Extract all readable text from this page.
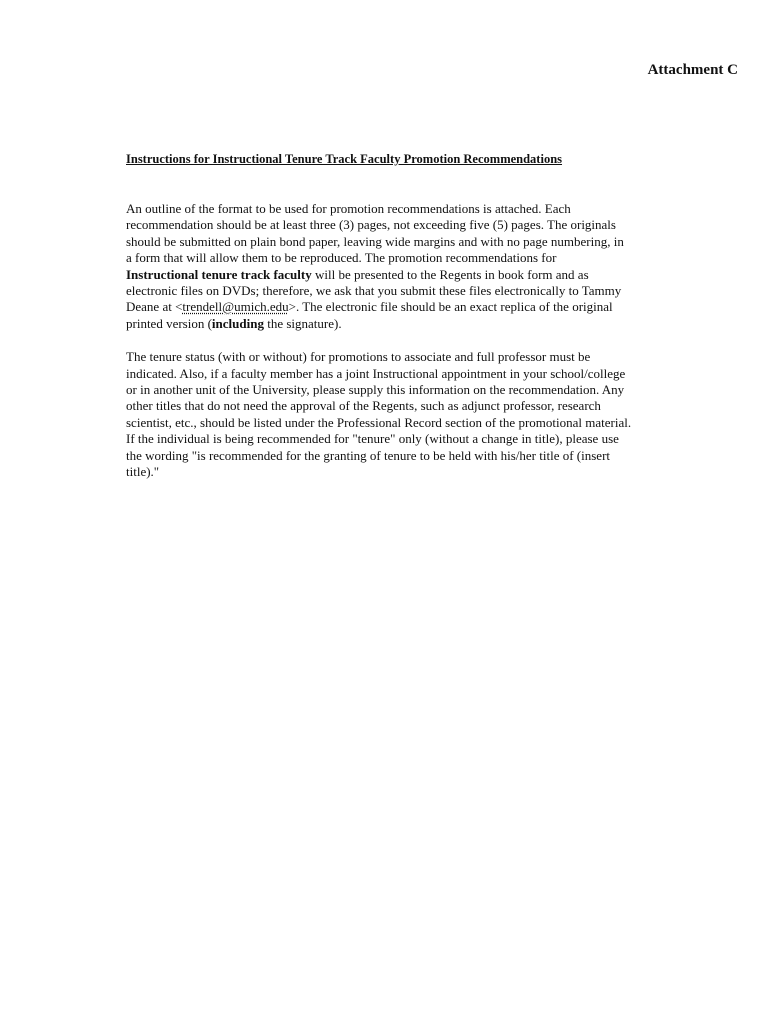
Attachment C
Instructions for Instructional Tenure Track Faculty Promotion Recommendations
An outline of the format to be used for promotion recommendations is attached. Each
recommendation should be at least three (3) pages, not exceeding five (5) pages. The originals
should be submitted on plain bond paper, leaving wide margins and with no page numbering, in
a form that will allow them to be reproduced. The promotion recommendations for
Instructional tenure track faculty will be presented to the Regents in book form and as
electronic files on DVDs; therefore, we ask that you submit these files electronically to Tammy
Deane at <trendell@umich.edu>. The electronic file should be an exact replica of the original
printed version (including the signature).
The tenure status (with or without) for promotions to associate and full professor must be
indicated. Also, if a faculty member has a joint Instructional appointment in your school/college
or in another unit of the University, please supply this information on the recommendation. Any
other titles that do not need the approval of the Regents, such as adjunct professor, research
scientist, etc., should be listed under the Professional Record section of the promotional material.
If the individual is being recommended for "tenure" only (without a change in title), please use
the wording "is recommended for the granting of tenure to be held with his/her title of (insert
title)."
